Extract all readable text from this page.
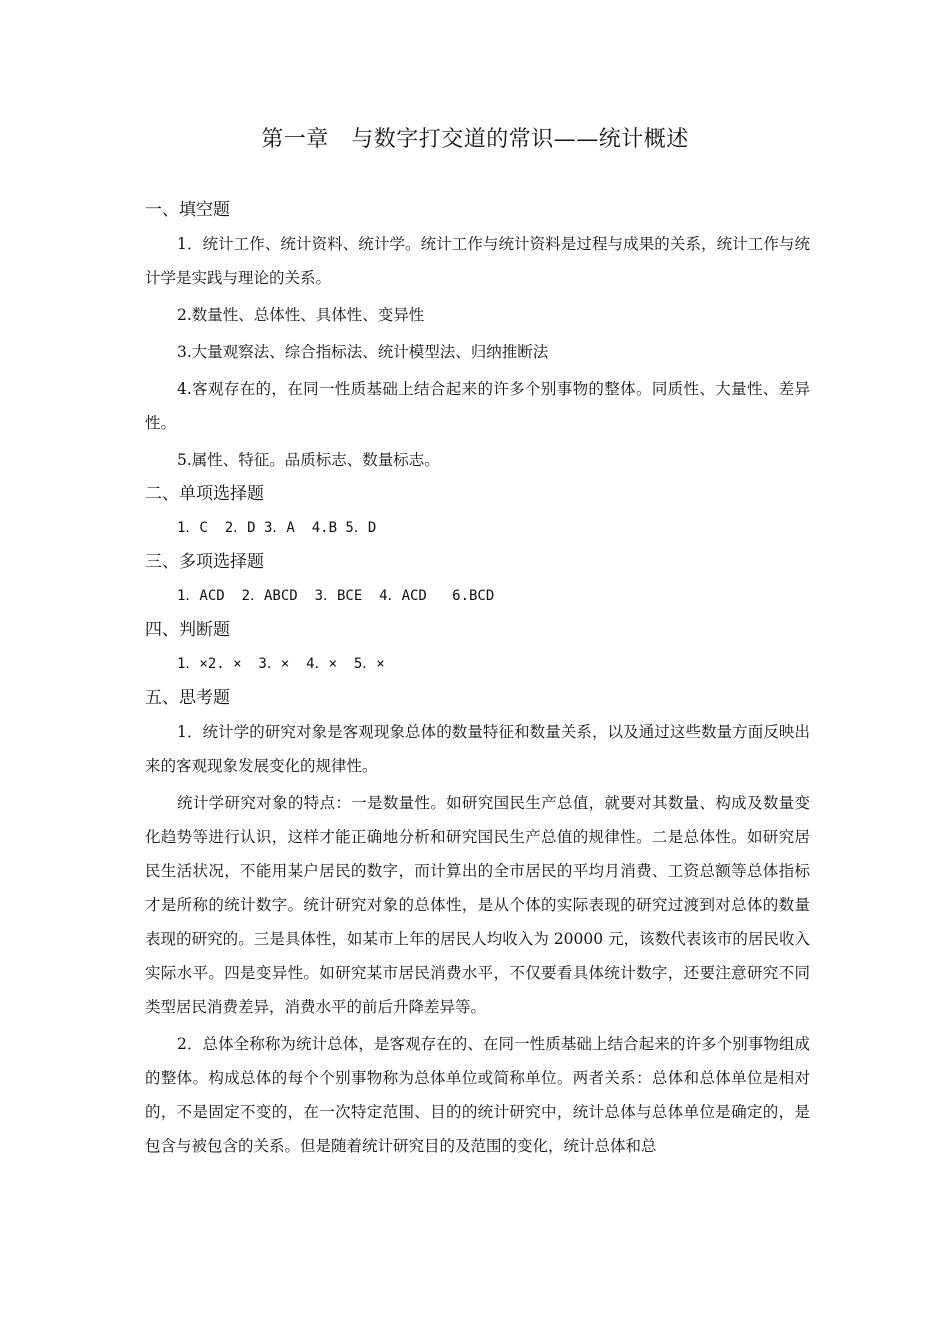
第一章　与数字打交道的常识——统计概述

一、填空题

1．统计工作、统计资料、统计学。统计工作与统计资料是过程与成果的关系，统计工作与统计学是实践与理论的关系。

2.数量性、总体性、具体性、变异性

3.大量观察法、综合指标法、统计模型法、归纳推断法

4.客观存在的，在同一性质基础上结合起来的许多个别事物的整体。同质性、大量性、差异性。

5.属性、特征。品质标志、数量标志。

二、单项选择题

1．C  2．D 3．A  4.B 5．D

三、多项选择题

1．ACD  2．ABCD  3．BCE  4．ACD   6.BCD

四、判断题

1．×2. ×  3．×  4．×  5．×

五、思考题

1．统计学的研究对象是客观现象总体的数量特征和数量关系，以及通过这些数量方面反映出来的客观现象发展变化的规律性。

统计学研究对象的特点：一是数量性。如研究国民生产总值，就要对其数量、构成及数量变化趋势等进行认识，这样才能正确地分析和研究国民生产总值的规律性。二是总体性。如研究居民生活状况，不能用某户居民的数字，而计算出的全市居民的平均月消费、工资总额等总体指标才是所称的统计数字。统计研究对象的总体性，是从个体的实际表现的研究过渡到对总体的数量表现的研究的。三是具体性，如某市上年的居民人均收入为 20000 元，该数代表该市的居民收入实际水平。四是变异性。如研究某市居民消费水平，不仅要看具体统计数字，还要注意研究不同类型居民消费差异，消费水平的前后升降差异等。

2．总体全称称为统计总体，是客观存在的、在同一性质基础上结合起来的许多个别事物组成的整体。构成总体的每个个别事物称为总体单位或简称单位。两者关系：总体和总体单位是相对的，不是固定不变的，在一次特定范围、目的的统计研究中，统计总体与总体单位是确定的，是包含与被包含的关系。但是随着统计研究目的及范围的变化，统计总体和总
